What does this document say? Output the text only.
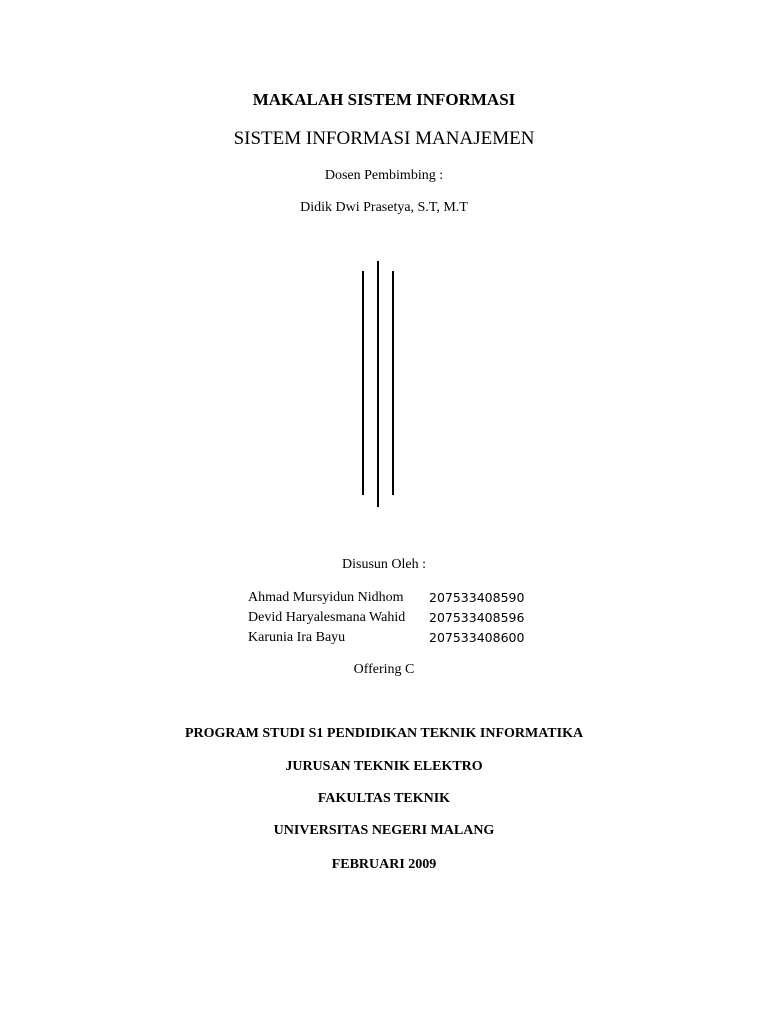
MAKALAH SISTEM INFORMASI
SISTEM INFORMASI MANAJEMEN
Dosen Pembimbing :
Didik Dwi Prasetya, S.T, M.T
Disusun Oleh :
Ahmad Mursyidun Nidhom	207533408590
Devid Haryalesmana Wahid	207533408596
Karunia Ira Bayu	207533408600
Offering C
PROGRAM STUDI S1 PENDIDIKAN TEKNIK INFORMATIKA
JURUSAN TEKNIK ELEKTRO
FAKULTAS TEKNIK
UNIVERSITAS NEGERI MALANG
FEBRUARI 2009
